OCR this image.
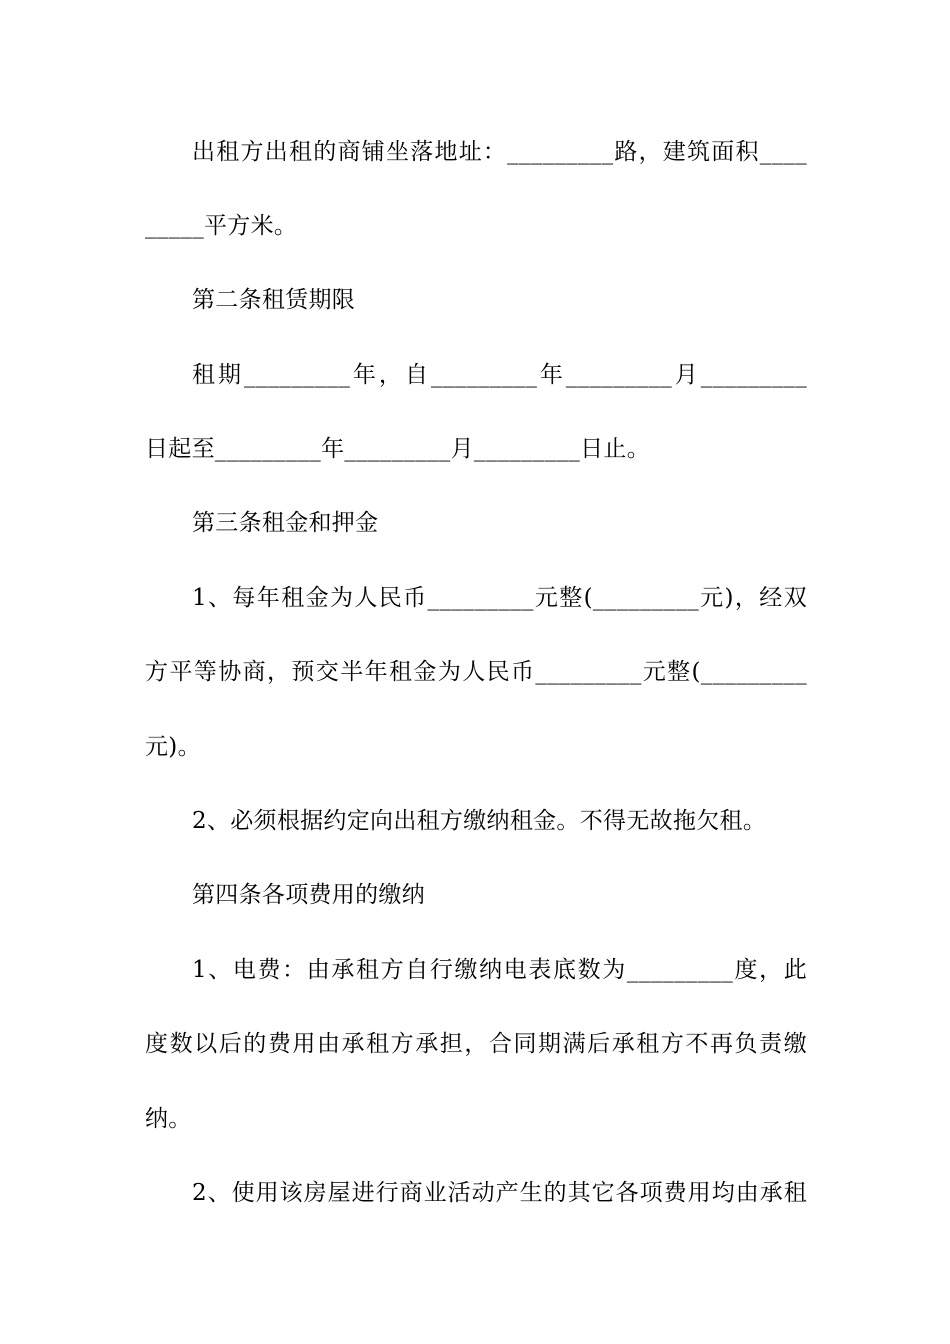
出租方出租的商铺坐落地址：_________路，建筑面积____
_____平方米。
第二条租赁期限
租期_________年，自_________年_________月_________
日起至_________年_________月_________日止。
第三条租金和押金
1、每年租金为人民币_________元整(_________元)，经双
方平等协商，预交半年租金为人民币_________元整(_________
元)。
2、必须根据约定向出租方缴纳租金。不得无故拖欠租。
第四条各项费用的缴纳
1、电费：由承租方自行缴纳电表底数为_________度，此
度数以后的费用由承租方承担，合同期满后承租方不再负责缴
纳。
2、使用该房屋进行商业活动产生的其它各项费用均由承租
